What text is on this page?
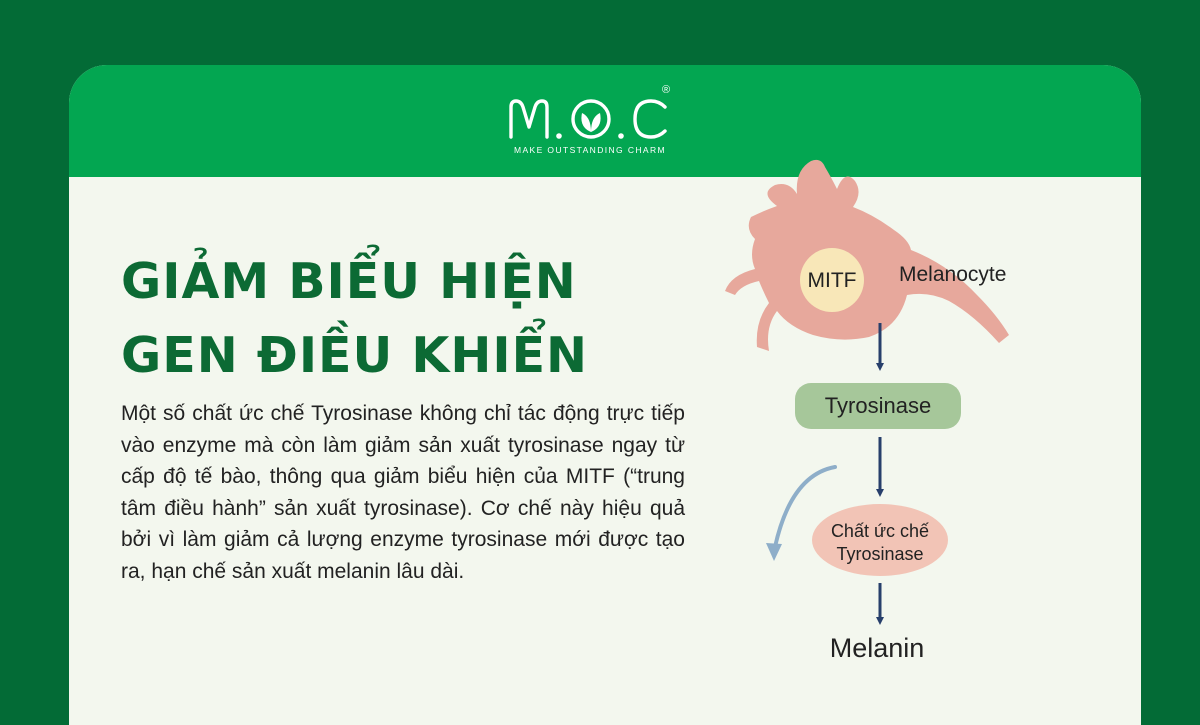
®
MAKE OUTSTANDING CHARM
GIẢM BIỂU HIỆN
GEN ĐIỀU KHIỂN
Một số chất ức chế Tyrosinase không chỉ tác động trực tiếp vào enzyme mà còn làm giảm sản xuất tyrosinase ngay từ cấp độ tế bào, thông qua giảm biểu hiện của MITF (“trung tâm điều hành” sản xuất tyrosinase). Cơ chế này hiệu quả bởi vì làm giảm cả lượng enzyme tyrosinase mới được tạo ra, hạn chế sản xuất melanin lâu dài.
MITF Melanocyte
Tyrosinase
Chất ức chế
Tyrosinase
Melanin
